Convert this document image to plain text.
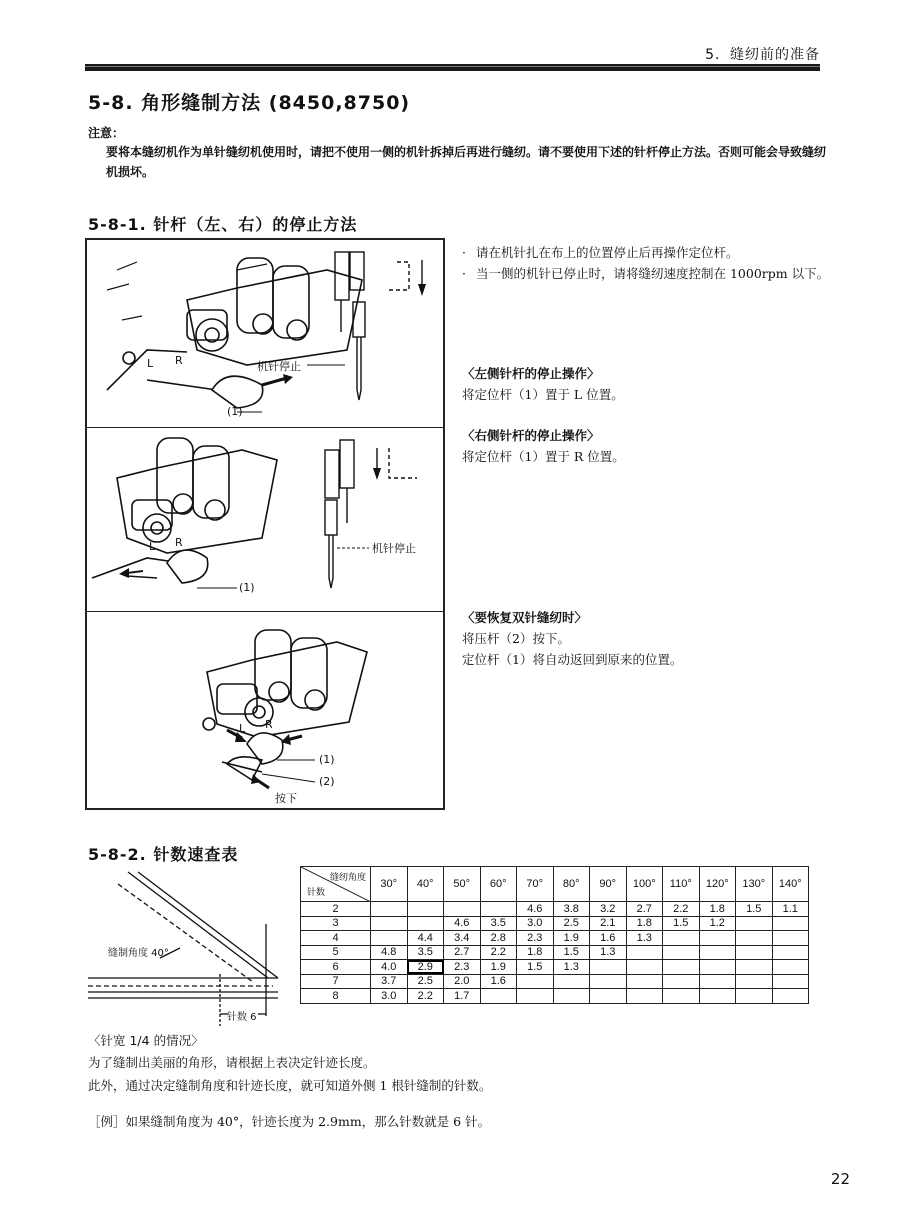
5．缝纫前的准备
5-8. 角形缝制方法 (8450,8750)
注意：
要将本缝纫机作为单针缝纫机使用时，请把不使用一侧的机针拆掉后再进行缝纫。请不要使用下述的针杆停止方法。否则可能会导致缝纫机损坏。
5-8-1. 针杆（左、右）的停止方法
L R	机针停止
(1)
L R	机针停止
(1)
L R
(1)
(2)
按下
· 请在机针扎在布上的位置停止后再操作定位杆。
· 当一侧的机针已停止时，请将缝纫速度控制在 1000rpm 以下。
〈左侧针杆的停止操作〉
将定位杆（1）置于 L 位置。
〈右侧针杆的停止操作〉
将定位杆（1）置于 R 位置。
〈要恢复双针缝纫时〉
将压杆（2）按下。
定位杆（1）将自动返回到原来的位置。
5-8-2. 针数速查表
缝制角度 40°
针数 6
缝纫角度
针数	30°	40°	50°	60°	70°	80°	90°	100°	110°	120°	130°	140°
2					4.6	3.8	3.2	2.7	2.2	1.8	1.5	1.1
3			4.6	3.5	3.0	2.5	2.1	1.8	1.5	1.2		
4		4.4	3.4	2.8	2.3	1.9	1.6	1.3				
5	4.8	3.5	2.7	2.2	1.8	1.5	1.3					
6	4.0	2.9	2.3	1.9	1.5	1.3						
7	3.7	2.5	2.0	1.6								
8	3.0	2.2	1.7									
〈针宽 1/4 的情况〉
为了缝制出美丽的角形，请根据上表决定针迹长度。
此外，通过决定缝制角度和针迹长度，就可知道外侧 1 根针缝制的针数。
［例］如果缝制角度为 40°，针迹长度为 2.9mm，那么针数就是 6 针。
22
